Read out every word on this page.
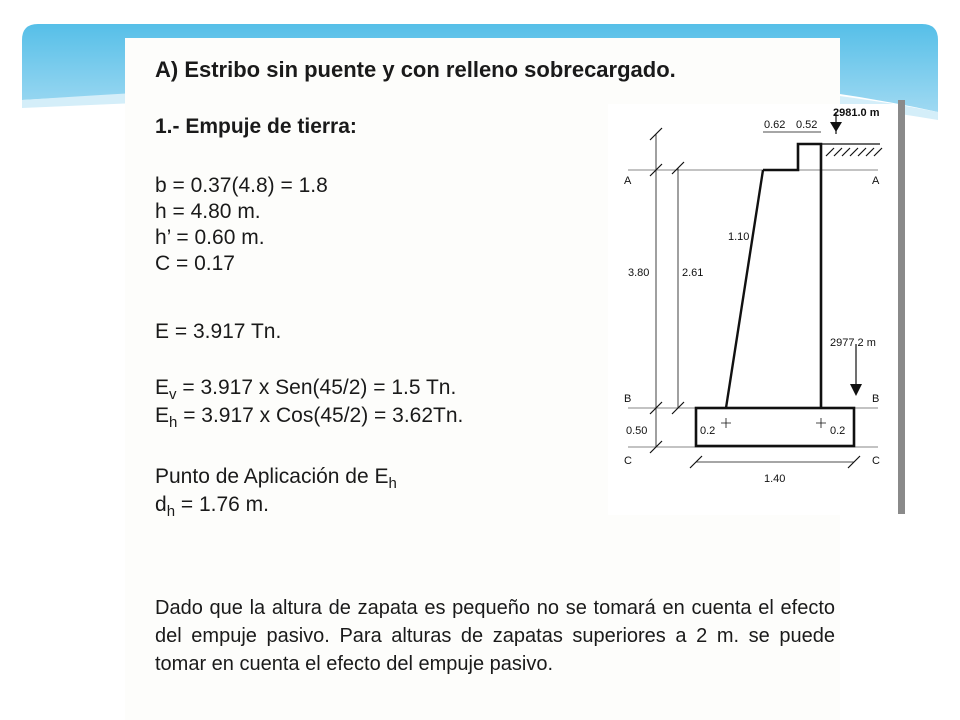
A) Estribo sin puente y con relleno sobrecargado.
1.- Empuje de tierra:
b = 0.37(4.8) = 1.8
h = 4.80 m.
h’ = 0.60 m.
C = 0.17
E = 3.917 Tn.
$E_v = 3.917$ x Sen(45/2) = 1.5 Tn.
$E_h = 3.917$ x Cos(45/2) = 3.62Tn.
Punto de Aplicación de $E_h$
$d_h = 1.76$ m.
Dado que la altura de zapata es pequeño no se tomará en cuenta el efecto del empuje pasivo. Para alturas de zapatas superiores a 2 m. se puede tomar en cuenta el efecto del empuje pasivo.
2981.0 m
0.62 0.52
A	A
3.80	2.61
1.10
2977.2 m
B	B
0.50	0.2	0.2
C	C
1.40
